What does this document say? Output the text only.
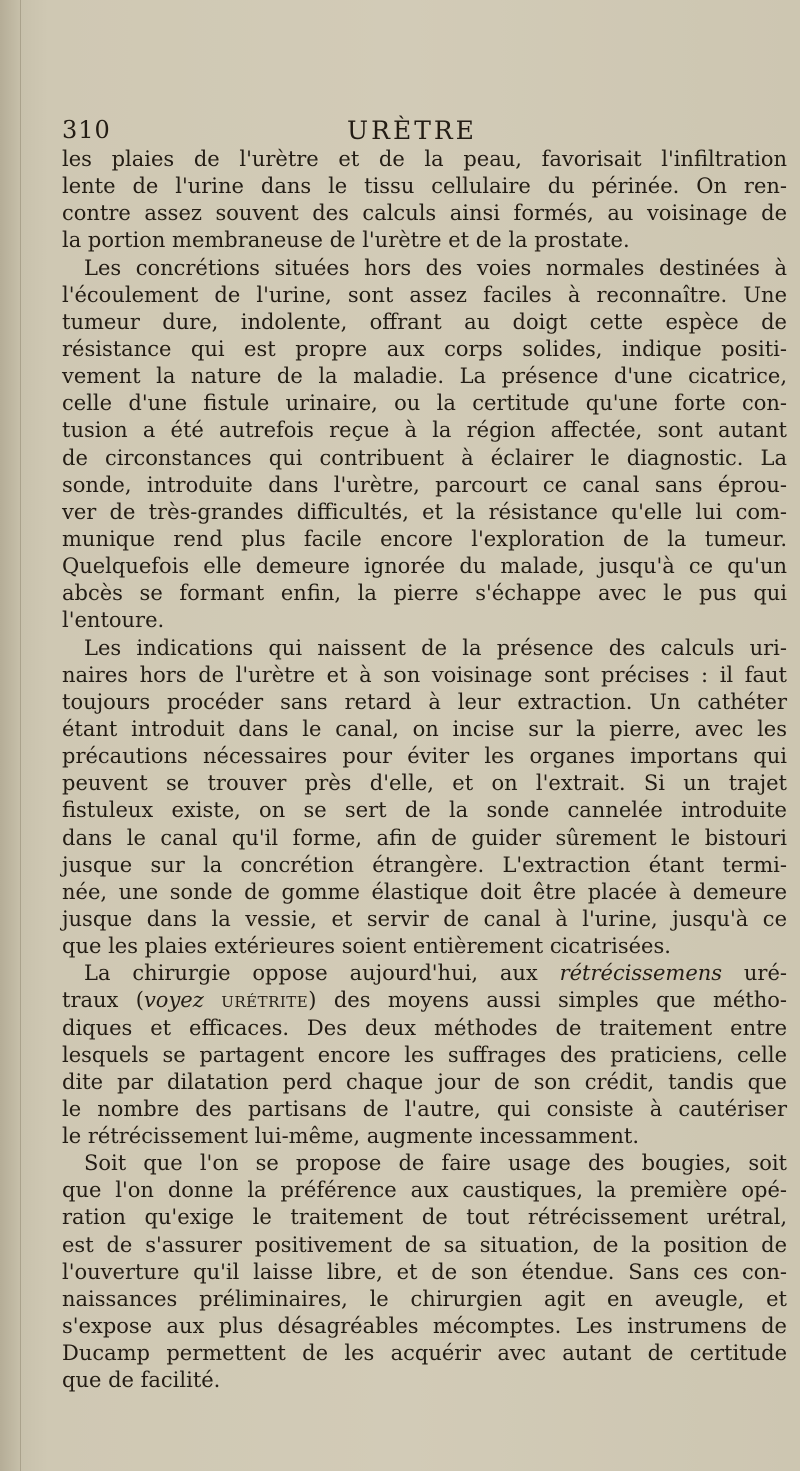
310	URÈTRE
les plaies de l'urètre et de la peau, favorisait l'infiltration
lente de l'urine dans le tissu cellulaire du périnée. On ren-
contre assez souvent des calculs ainsi formés, au voisinage de
la portion membraneuse de l'urètre et de la prostate.
Les concrétions situées hors des voies normales destinées à
l'écoulement de l'urine, sont assez faciles à reconnaître. Une
tumeur dure, indolente, offrant au doigt cette espèce de
résistance qui est propre aux corps solides, indique positi-
vement la nature de la maladie. La présence d'une cicatrice,
celle d'une fistule urinaire, ou la certitude qu'une forte con-
tusion a été autrefois reçue à la région affectée, sont autant
de circonstances qui contribuent à éclairer le diagnostic. La
sonde, introduite dans l'urètre, parcourt ce canal sans éprou-
ver de très-grandes difficultés, et la résistance qu'elle lui com-
munique rend plus facile encore l'exploration de la tumeur.
Quelquefois elle demeure ignorée du malade, jusqu'à ce qu'un
abcès se formant enfin, la pierre s'échappe avec le pus qui
l'entoure.
Les indications qui naissent de la présence des calculs uri-
naires hors de l'urètre et à son voisinage sont précises : il faut
toujours procéder sans retard à leur extraction. Un cathéter
étant introduit dans le canal, on incise sur la pierre, avec les
précautions nécessaires pour éviter les organes importans qui
peuvent se trouver près d'elle, et on l'extrait. Si un trajet
fistuleux existe, on se sert de la sonde cannelée introduite
dans le canal qu'il forme, afin de guider sûrement le bistouri
jusque sur la concrétion étrangère. L'extraction étant termi-
née, une sonde de gomme élastique doit être placée à demeure
jusque dans la vessie, et servir de canal à l'urine, jusqu'à ce
que les plaies extérieures soient entièrement cicatrisées.
La chirurgie oppose aujourd'hui, aux rétrécissemens uré-
traux (voyez URÉTRITE) des moyens aussi simples que métho-
diques et efficaces. Des deux méthodes de traitement entre
lesquels se partagent encore les suffrages des praticiens, celle
dite par dilatation perd chaque jour de son crédit, tandis que
le nombre des partisans de l'autre, qui consiste à cautériser
le rétrécissement lui-même, augmente incessamment.
Soit que l'on se propose de faire usage des bougies, soit
que l'on donne la préférence aux caustiques, la première opé-
ration qu'exige le traitement de tout rétrécissement urétral,
est de s'assurer positivement de sa situation, de la position de
l'ouverture qu'il laisse libre, et de son étendue. Sans ces con-
naissances préliminaires, le chirurgien agit en aveugle, et
s'expose aux plus désagréables mécomptes. Les instrumens de
Ducamp permettent de les acquérir avec autant de certitude
que de facilité.
